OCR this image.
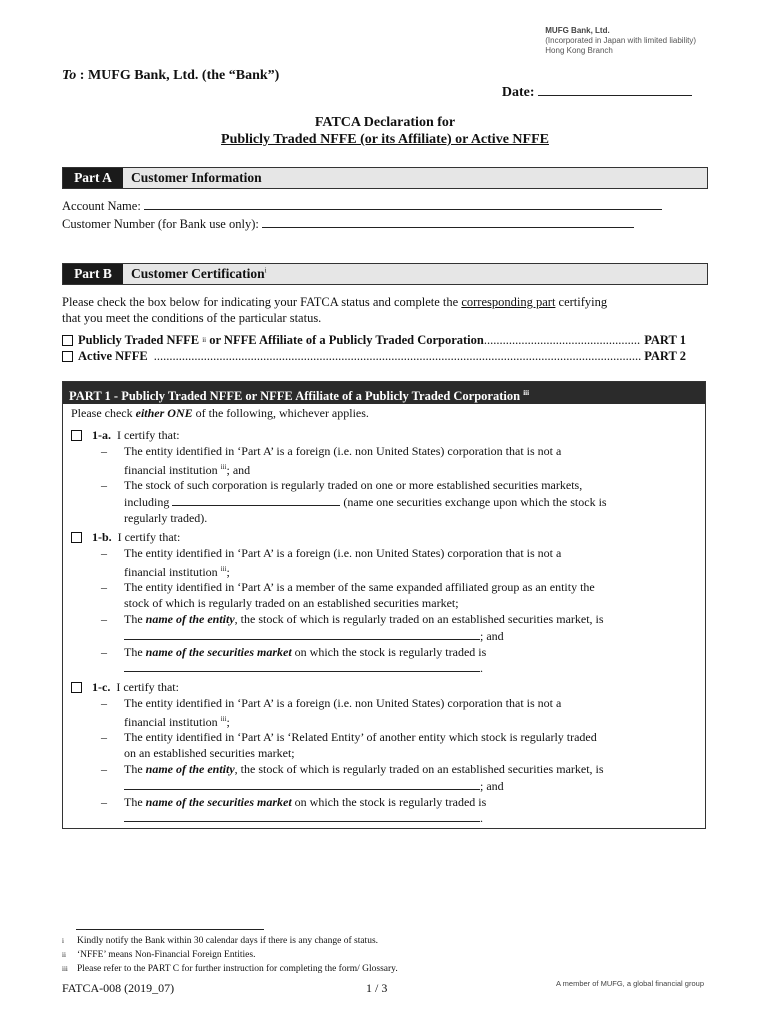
MUFG Bank, Ltd.
(Incorporated in Japan with limited liability)
Hong Kong Branch
To : MUFG Bank, Ltd. (the “Bank”)
Date:
FATCA Declaration for
Publicly Traded NFFE (or its Affiliate) or Active NFFE
Part A	Customer Information
Account Name:
Customer Number (for Bank use only):
Part B	Customer Certification$^i$
Please check the box below for indicating your FATCA status and complete the corresponding part certifying
that you meet the conditions of the particular status.
Publicly Traded NFFE ii or NFFE Affiliate of a Publicly Traded Corporation .....	PART 1
Active NFFE .....	PART 2
PART 1 - Publicly Traded NFFE or NFFE Affiliate of a Publicly Traded Corporation $^{iii}$
Please check either ONE of the following, whichever applies.
1-a. I certify that:
– The entity identified in ‘Part A’ is a foreign (i.e. non United States) corporation that is not a
financial institution $^{iii}$; and
– The stock of such corporation is regularly traded on one or more established securities markets,
including	(name one securities exchange upon which the stock is
regularly traded).
1-b. I certify that:
– The entity identified in ‘Part A’ is a foreign (i.e. non United States) corporation that is not a
financial institution $^{iii}$;
– The entity identified in ‘Part A’ is a member of the same expanded affiliated group as an entity the
stock of which is regularly traded on an established securities market;
– The name of the entity, the stock of which is regularly traded on an established securities market, is
; and
– The name of the securities market on which the stock is regularly traded is
.
1-c. I certify that:
– The entity identified in ‘Part A’ is a foreign (i.e. non United States) corporation that is not a
financial institution $^{iii}$;
– The entity identified in ‘Part A’ is ‘Related Entity’ of another entity which stock is regularly traded
on an established securities market;
– The name of the entity, the stock of which is regularly traded on an established securities market, is
; and
– The name of the securities market on which the stock is regularly traded is
.
i Kindly notify the Bank within 30 calendar days if there is any change of status.
ii ‘NFFE’ means Non-Financial Foreign Entities.
iii Please refer to the PART C for further instruction for completing the form/ Glossary.
FATCA-008 (2019_07)	1 / 3	A member of MUFG, a global financial group
